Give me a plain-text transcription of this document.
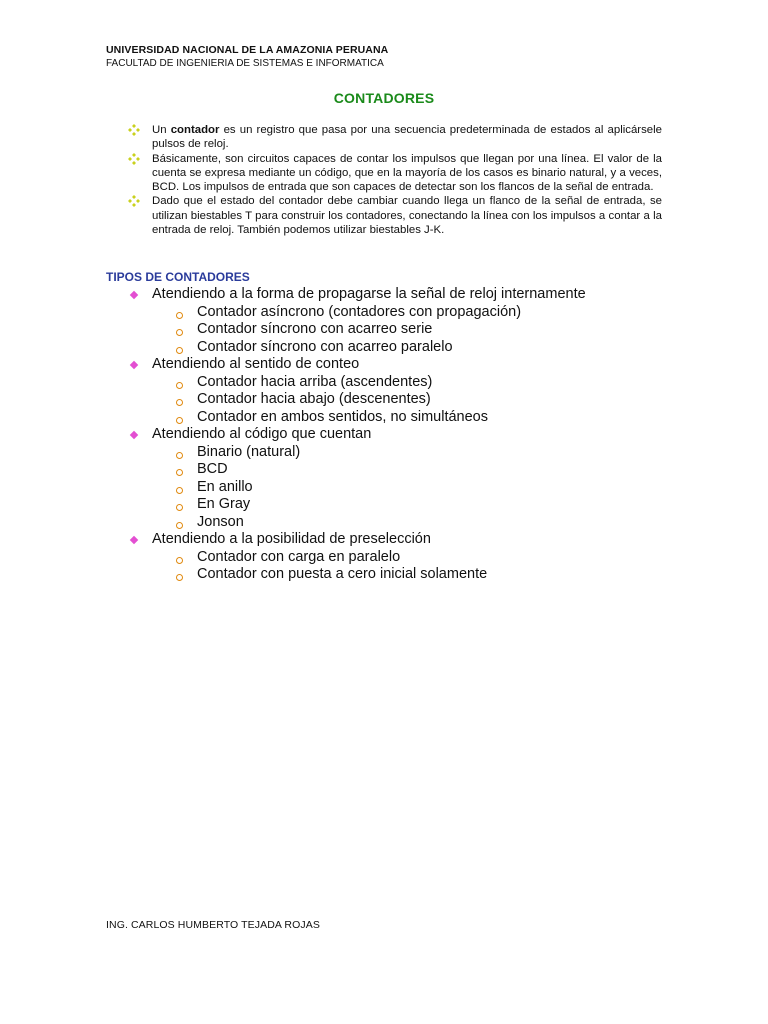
UNIVERSIDAD NACIONAL DE LA AMAZONIA PERUANA
FACULTAD DE INGENIERIA DE SISTEMAS E INFORMATICA
CONTADORES
Un contador es un registro que pasa por una secuencia predeterminada de estados al aplicársele pulsos de reloj.
Básicamente, son circuitos capaces de contar los impulsos que llegan por una línea. El valor de la cuenta se expresa mediante un código, que en la mayoría de los casos es binario natural, y a veces, BCD. Los impulsos de entrada que son capaces de detectar son los flancos de la señal de entrada.
Dado que el estado del contador debe cambiar cuando llega un flanco de la señal de entrada, se utilizan biestables T para construir los contadores, conectando la línea con los impulsos a contar a la entrada de reloj. También podemos utilizar biestables J-K.
TIPOS DE CONTADORES
Atendiendo a la forma de propagarse la señal de reloj internamente
Contador asíncrono (contadores con propagación)
Contador síncrono con acarreo serie
Contador síncrono con acarreo paralelo
Atendiendo al sentido de conteo
Contador hacia arriba (ascendentes)
Contador hacia abajo (descenentes)
Contador en ambos sentidos, no simultáneos
Atendiendo al código que cuentan
Binario (natural)
BCD
En anillo
En Gray
Jonson
Atendiendo a la posibilidad de preselección
Contador con carga en paralelo
Contador con puesta a cero inicial solamente
ING. CARLOS HUMBERTO TEJADA ROJAS
